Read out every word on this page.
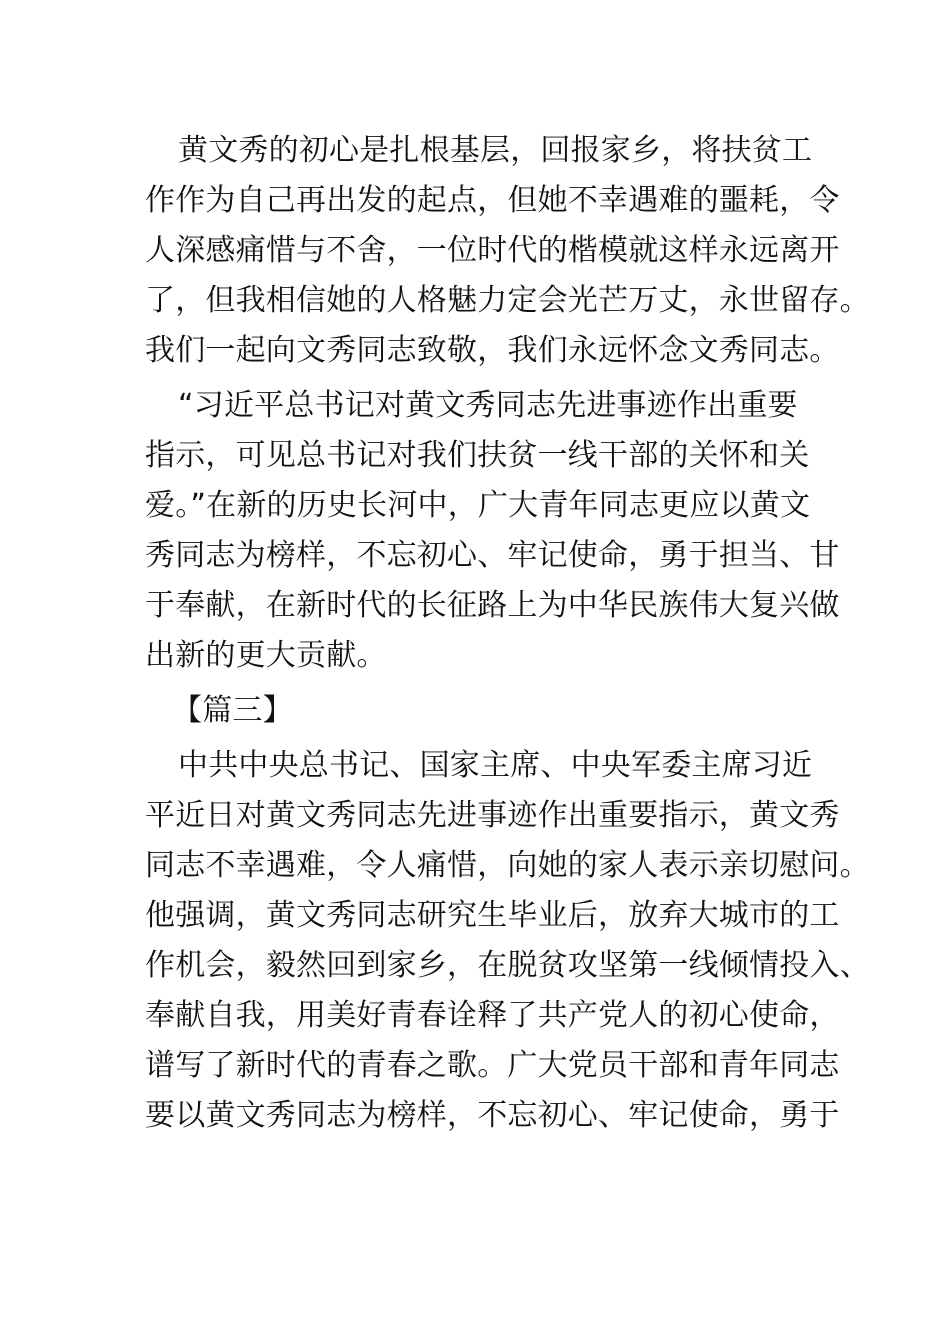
黄文秀的初心是扎根基层，回报家乡，将扶贫工
作作为自己再出发的起点，但她不幸遇难的噩耗，令
人深感痛惜与不舍，一位时代的楷模就这样永远离开
了，但我相信她的人格魅力定会光芒万丈，永世留存。
我们一起向文秀同志致敬，我们永远怀念文秀同志。
“习近平总书记对黄文秀同志先进事迹作出重要
指示，可见总书记对我们扶贫一线干部的关怀和关
爱。”在新的历史长河中，广大青年同志更应以黄文
秀同志为榜样，不忘初心、牢记使命，勇于担当、甘
于奉献，在新时代的长征路上为中华民族伟大复兴做
出新的更大贡献。
【篇三】
中共中央总书记、国家主席、中央军委主席习近
平近日对黄文秀同志先进事迹作出重要指示，黄文秀
同志不幸遇难，令人痛惜，向她的家人表示亲切慰问。
他强调，黄文秀同志研究生毕业后，放弃大城市的工
作机会，毅然回到家乡，在脱贫攻坚第一线倾情投入、
奉献自我，用美好青春诠释了共产党人的初心使命，
谱写了新时代的青春之歌。广大党员干部和青年同志
要以黄文秀同志为榜样，不忘初心、牢记使命，勇于
